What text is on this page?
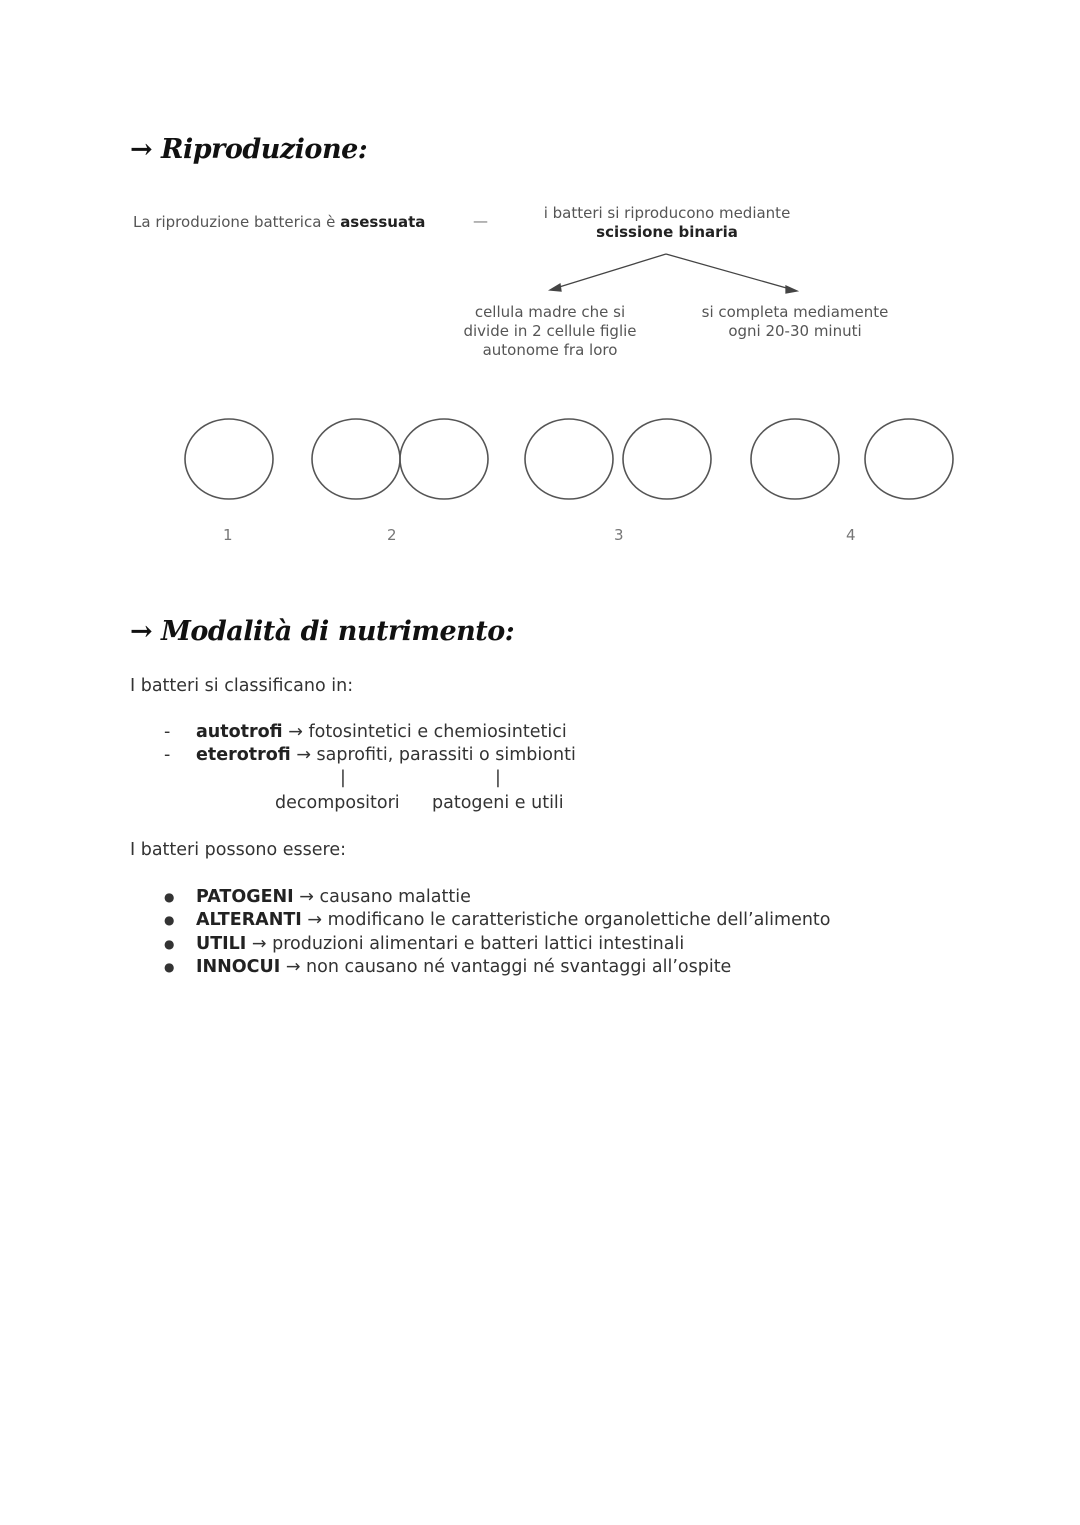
→ Riproduzione:
La riproduzione batterica è asessuata	—	i batteri si riproducono mediante
scissione binaria
cellula madre che si
divide in 2 cellule figlie
autonome fra loro
si completa mediamente
ogni 20-30 minuti
1	2	3	4
→ Modalità di nutrimento:
I batteri si classificano in:
- autotrofi → fotosintetici e chemiosintetici
- eterotrofi → saprofiti, parassiti o simbionti
|	|
decompositori patogeni e utili
I batteri possono essere:
● PATOGENI → causano malattie
● ALTERANTI → modificano le caratteristiche organolettiche dell’alimento
● UTILI → produzioni alimentari e batteri lattici intestinali
● INNOCUI → non causano né vantaggi né svantaggi all’ospite
